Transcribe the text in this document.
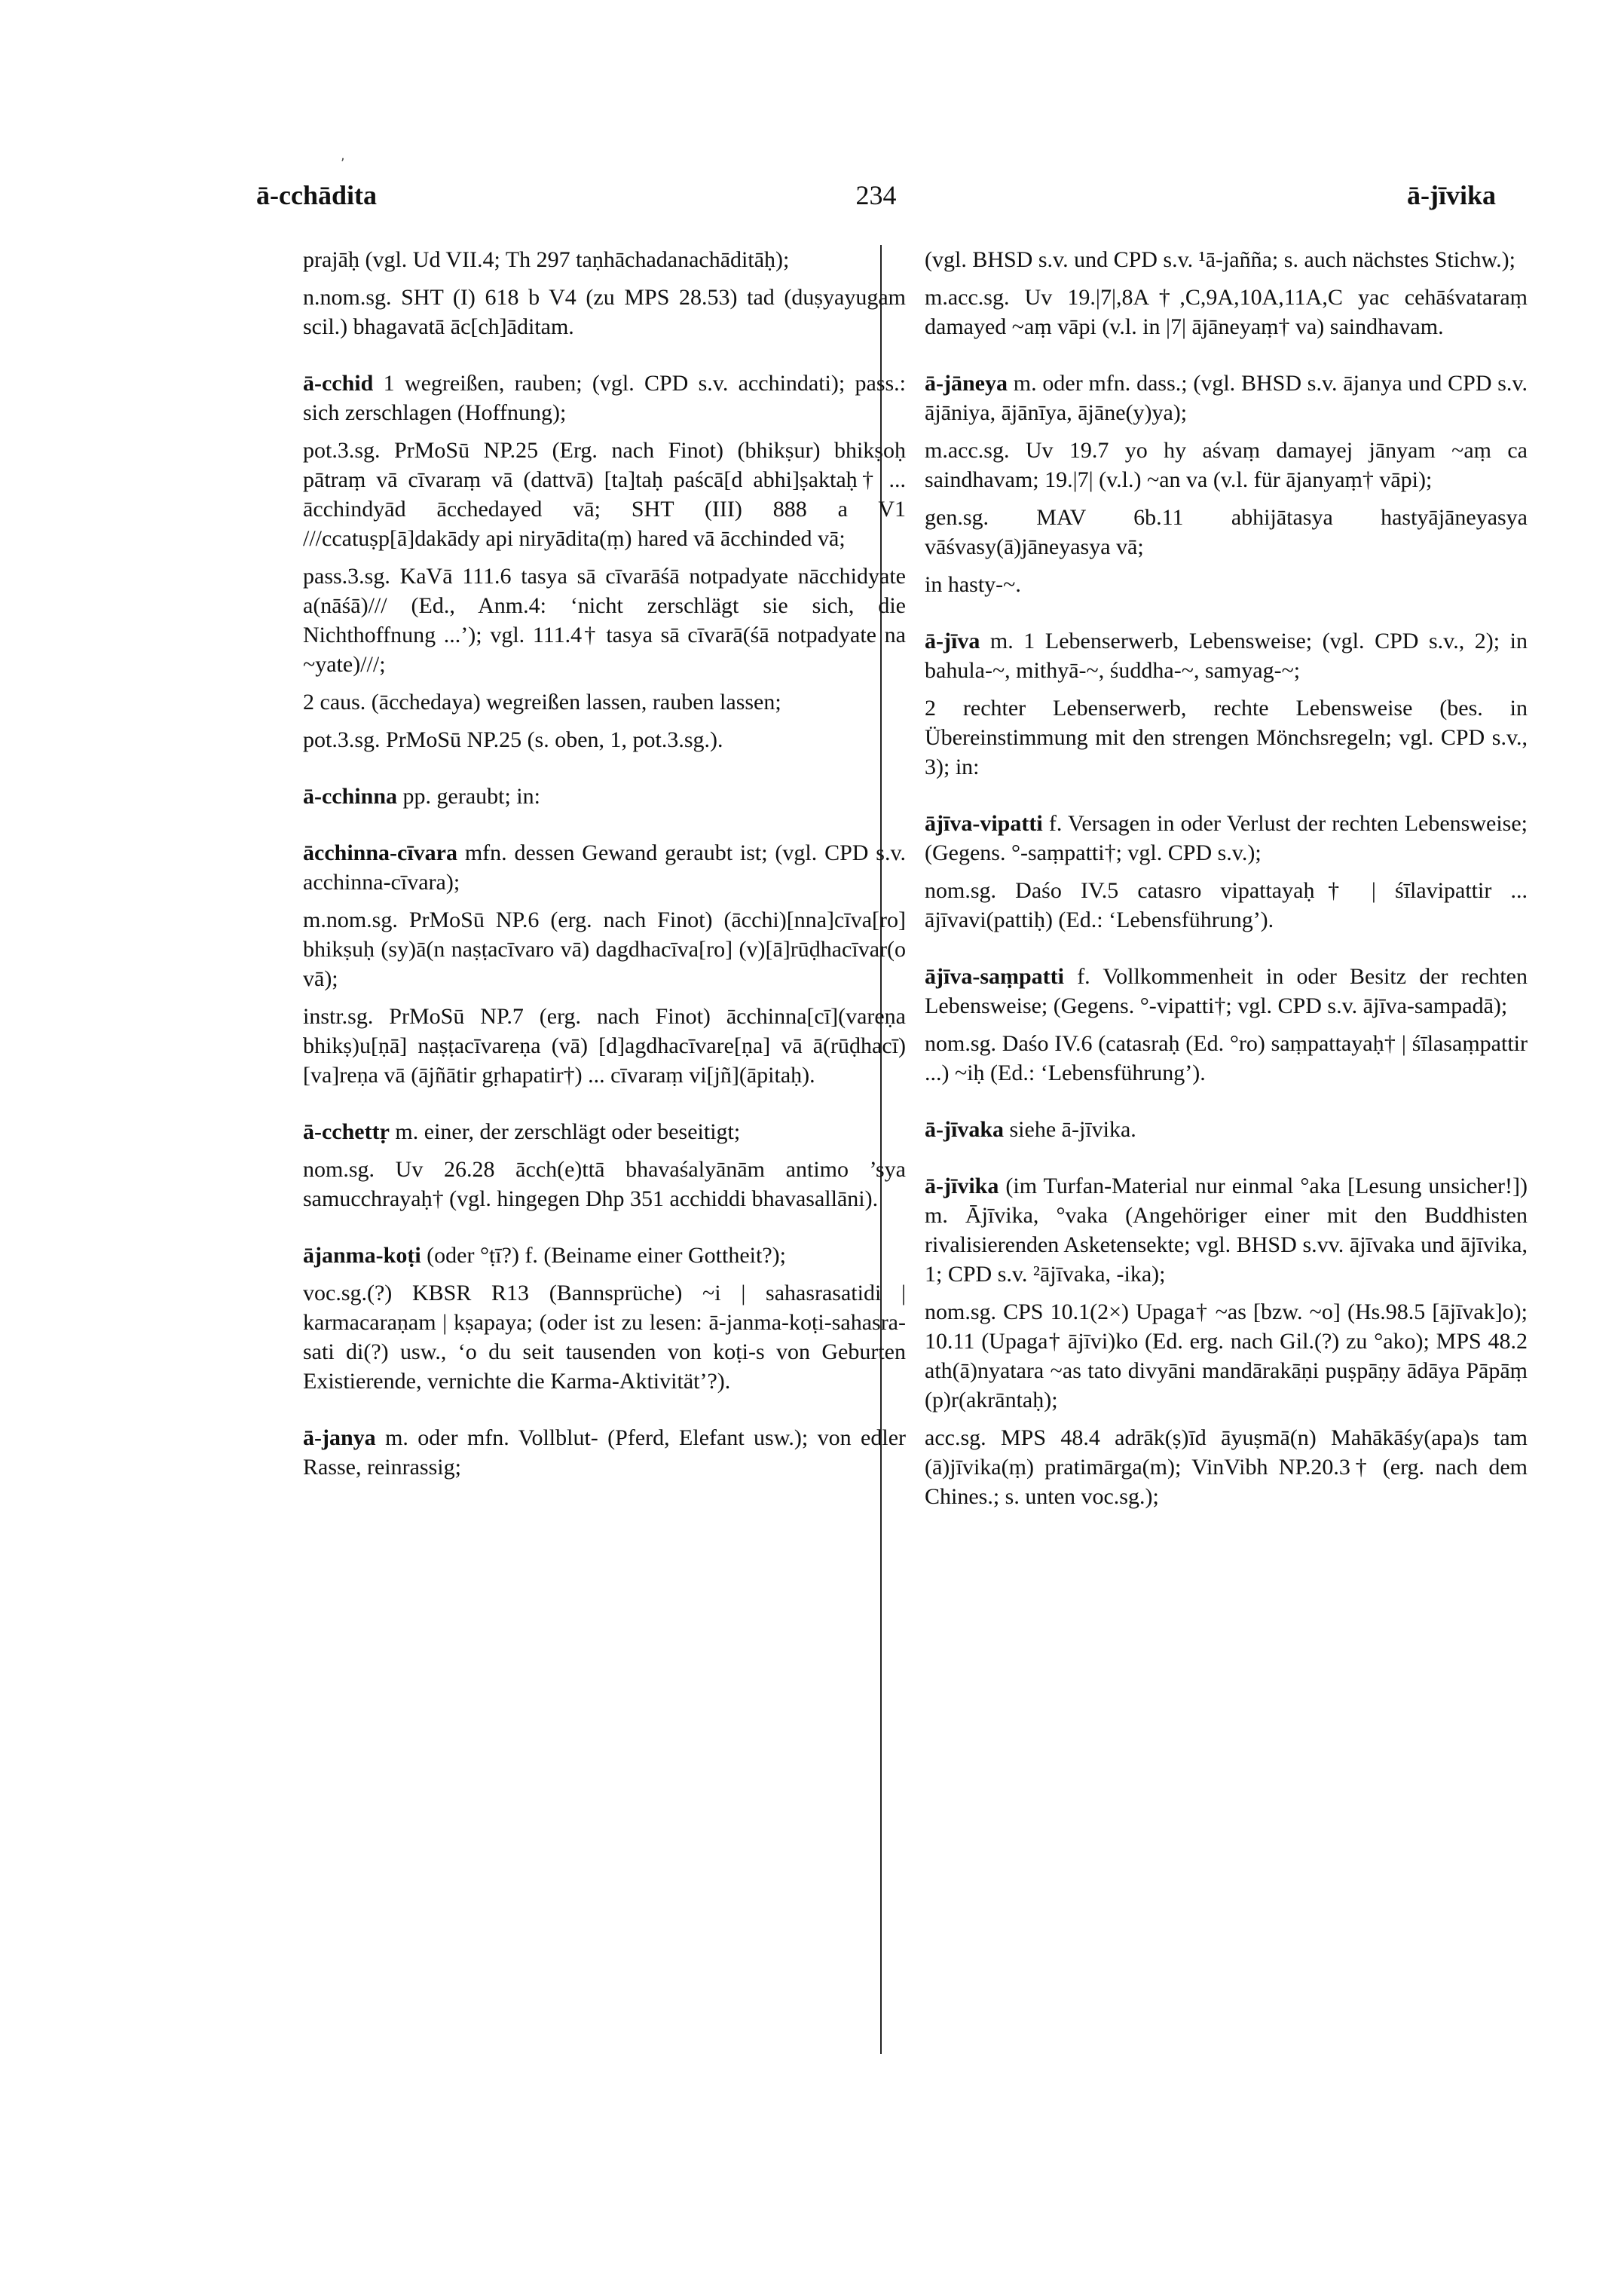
,
ā-cchādita	234	ā-jīvika

prajāḥ (vgl. Ud VII.4; Th 297 taṇhāchadanachāditāḥ);

n.nom.sg. SHT (I) 618 b V4 (zu MPS 28.53) tad (duṣyayugam scil.) bhagavatā āc[ch]āditam.

ā-cchid 1 wegreißen, rauben; (vgl. CPD s.v. acchindati); pass.: sich zerschlagen (Hoffnung);

pot.3.sg. PrMoSū NP.25 (Erg. nach Finot) (bhikṣur) bhikṣoḥ pātraṃ vā cīvaraṃ vā (dattvā) [ta]taḥ paścā[d abhi]ṣaktaḥ† ... ācchindyād ācchedayed vā; SHT (III) 888 a V1 ///ccatuṣp[ā]dakādy api niryādita(ṃ) hared vā ācchinded vā;

pass.3.sg. KaVā 111.6 tasya sā cīvarāśā notpadyate nācchidyate a(nāśā)/// (Ed., Anm.4: ‘nicht zerschlägt sie sich, die Nichthoffnung ...’); vgl. 111.4† tasya sā cīvarā(śā notpadyate na ~yate)///;

2 caus. (ācchedaya) wegreißen lassen, rauben lassen;

pot.3.sg. PrMoSū NP.25 (s. oben, 1, pot.3.sg.).

ā-cchinna pp. geraubt; in:

ācchinna-cīvara mfn. dessen Gewand geraubt ist; (vgl. CPD s.v. acchinna-cīvara);

m.nom.sg. PrMoSū NP.6 (erg. nach Finot) (ācchi)[nna]cīva[ro] bhikṣuḥ (sy)ā(n naṣṭacīvaro vā) dagdhacīva[ro] (v)[ā]rūḍhacīvar(o vā);

instr.sg. PrMoSū NP.7 (erg. nach Finot) ācchinna[cī](vareṇa bhikṣ)u[ṇā] naṣṭacīvareṇa (vā) [d]agdhacīvare[ṇa] vā ā(rūḍhacī)[va]reṇa vā (ājñātir gṛhapatir†) ... cīvaraṃ vi[jñ](āpitaḥ).

ā-cchettṛ m. einer, der zerschlägt oder beseitigt;

nom.sg. Uv 26.28 ācch(e)ttā bhavaśalyānām antimo ’sya samucchrayaḥ† (vgl. hingegen Dhp 351 acchiddi bhavasallāni).

ājanma-koṭi (oder °ṭī?) f. (Beiname einer Gottheit?);

voc.sg.(?) KBSR R13 (Bannsprüche) ~i | sahasrasatidi | karmacaraṇam | kṣapaya; (oder ist zu lesen: ā-janma-koṭi-sahasra-sati di(?) usw., ‘o du seit tausenden von koṭi-s von Geburten Existierende, vernichte die Karma-Aktivität’?).

ā-janya m. oder mfn. Vollblut- (Pferd, Elefant usw.); von edler Rasse, reinrassig;

(vgl. BHSD s.v. und CPD s.v. ¹ā-jañña; s. auch nächstes Stichw.);

m.acc.sg. Uv 19.|7|,8A†,C,9A,10A,11A,C yac cehāśvataraṃ damayed ~aṃ vāpi (v.l. in |7| ājāneyaṃ† va) saindhavam.

ā-jāneya m. oder mfn. dass.; (vgl. BHSD s.v. ājanya und CPD s.v. ājāniya, ājānīya, ājāne(y)ya);

m.acc.sg. Uv 19.7 yo hy aśvaṃ damayej jānyam ~aṃ ca saindhavam; 19.|7| (v.l.) ~an va (v.l. für ājanyaṃ† vāpi);

gen.sg. MAV 6b.11 abhijātasya hastyājāneyasya vāśvasy(ā)jāneyasya vā;

in hasty-~.

ā-jīva m. 1 Lebenserwerb, Lebensweise; (vgl. CPD s.v., 2); in bahula-~, mithyā-~, śuddha-~, samyag-~;

2 rechter Lebenserwerb, rechte Lebensweise (bes. in Übereinstimmung mit den strengen Mönchsregeln; vgl. CPD s.v., 3); in:

ājīva-vipatti f. Versagen in oder Verlust der rechten Lebensweise; (Gegens. °-saṃpatti†; vgl. CPD s.v.);

nom.sg. Daśo IV.5 catasro vipattayaḥ† | śīlavipattir ... ājīvavi(pattiḥ) (Ed.: ‘Lebensführung’).

ājīva-saṃpatti f. Vollkommenheit in oder Besitz der rechten Lebensweise; (Gegens. °-vipatti†; vgl. CPD s.v. ājīva-sampadā);

nom.sg. Daśo IV.6 (catasraḥ (Ed. °ro) saṃpattayaḥ† | śīlasaṃpattir ...) ~iḥ (Ed.: ‘Lebensführung’).

ā-jīvaka siehe ā-jīvika.

ā-jīvika (im Turfan-Material nur einmal °aka [Lesung unsicher!]) m. Ājīvika, °vaka (Angehöriger einer mit den Buddhisten rivalisierenden Asketensekte; vgl. BHSD s.vv. ājīvaka und ājīvika, 1; CPD s.v. ²ājīvaka, -ika);

nom.sg. CPS 10.1(2×) Upaga† ~as [bzw. ~o] (Hs.98.5 [ājīvak]o); 10.11 (Upaga† ājīvi)ko (Ed. erg. nach Gil.(?) zu °ako); MPS 48.2 ath(ā)nyatara ~as tato divyāni mandārakāṇi puṣpāṇy ādāya Pāpāṃ (p)r(akrāntaḥ);

acc.sg. MPS 48.4 adrāk(ṣ)īd āyuṣmā(n) Mahākāśy(apa)s tam (ā)jīvika(ṃ) pratimārga(m); VinVibh NP.20.3† (erg. nach dem Chines.; s. unten voc.sg.);
